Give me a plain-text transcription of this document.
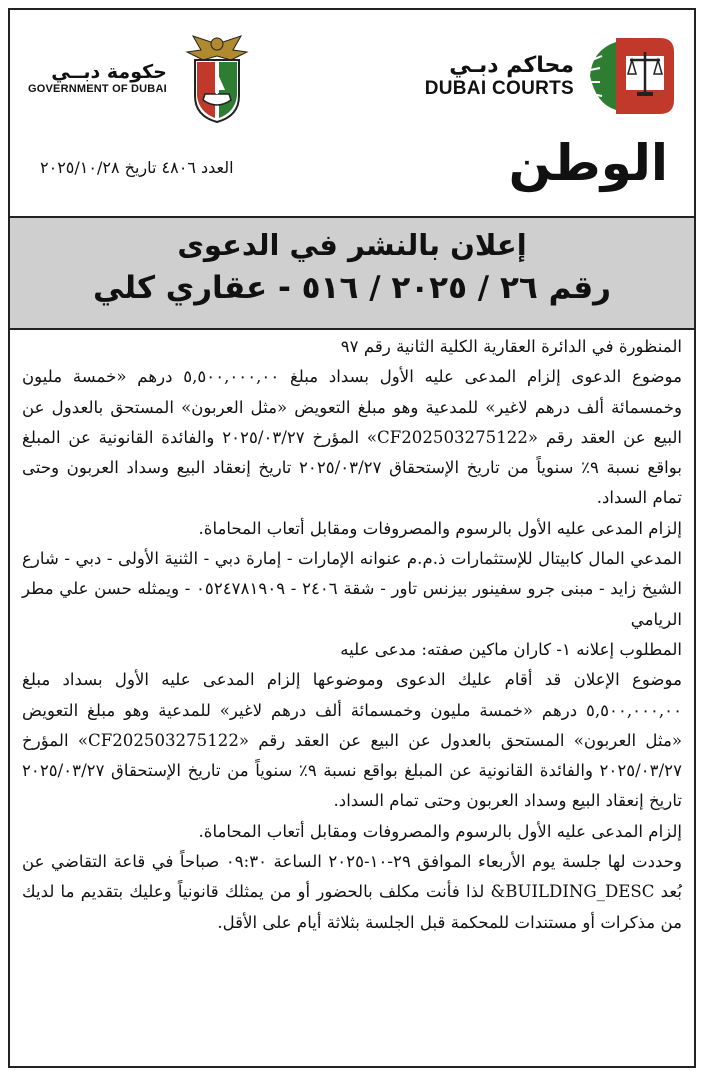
حكومة دبــي
GOVERNMENT OF DUBAI
محاكم دبـي
DUBAI COURTS
العدد ٤٨٠٦ تاريخ ٢٠٢٥/١٠/٢٨	الوطن
إعلان بالنشر في الدعوى
رقم ٢٦ / ٢٠٢٥ / ٥١٦ - عقاري كلي

المنظورة في الدائرة العقارية الكلية الثانية رقم ٩٧

موضوع الدعوى إلزام المدعى عليه الأول بسداد مبلغ ٥,٥٠٠,٠٠٠,٠٠ درهم «خمسة مليون وخمسمائة ألف درهم لاغير» للمدعية وهو مبلغ التعويض «مثل العربون» المستحق بالعدول عن البيع عن العقد رقم «CF202503275122» المؤرخ ٢٠٢٥/٠٣/٢٧ والفائدة القانونية عن المبلغ بواقع نسبة ٩٪ سنوياً من تاريخ الإستحقاق ٢٠٢٥/٠٣/٢٧ تاريخ إنعقاد البيع وسداد العربون وحتى تمام السداد.

إلزام المدعى عليه الأول بالرسوم والمصروفات ومقابل أتعاب المحاماة.

المدعي المال كابيتال للإستثمارات ذ.م.م عنوانه الإمارات - إمارة دبي - الثنية الأولى - دبي - شارع الشيخ زايد - مبنى جرو سفينور بيزنس تاور - شقة ٢٤٠٦ - ٠٥٢٤٧٨١٩٠٩ - ويمثله حسن علي مطر الريامي

المطلوب إعلانه ١- كاران ماكين صفته: مدعى عليه

موضوع الإعلان قد أقام عليك الدعوى وموضوعها إلزام المدعى عليه الأول بسداد مبلغ ٥,٥٠٠,٠٠٠,٠٠ درهم «خمسة مليون وخمسمائة ألف درهم لاغير» للمدعية وهو مبلغ التعويض «مثل العربون» المستحق بالعدول عن البيع عن العقد رقم «CF202503275122» المؤرخ ٢٠٢٥/٠٣/٢٧ والفائدة القانونية عن المبلغ بواقع نسبة ٩٪ سنوياً من تاريخ الإستحقاق ٢٠٢٥/٠٣/٢٧ تاريخ إنعقاد البيع وسداد العربون وحتى تمام السداد.

إلزام المدعى عليه الأول بالرسوم والمصروفات ومقابل أتعاب المحاماة.

وحددت لها جلسة يوم الأربعاء الموافق ٢٩-١٠-٢٠٢٥ الساعة ٠٩:٣٠ صباحاً في قاعة التقاضي عن بُعد BUILDING_DESC& لذا فأنت مكلف بالحضور أو من يمثلك قانونياً وعليك بتقديم ما لديك من مذكرات أو مستندات للمحكمة قبل الجلسة بثلاثة أيام على الأقل.
